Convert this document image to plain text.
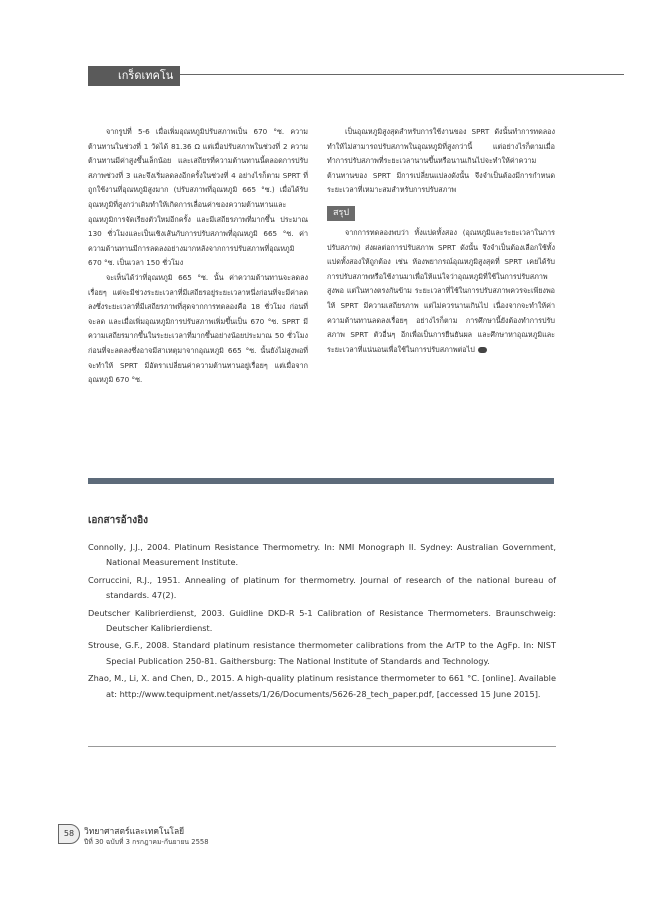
เกร็ดเทคโน

จากรูปที่ 5-6 เมื่อเพิ่มอุณหภูมิปรับสภาพเป็น 670 °ซ. ความต้านทานในช่วงที่ 1 วัดได้ 81.36 Ω แต่เมื่อปรับสภาพในช่วงที่ 2 ความต้านทานมีค่าสูงขึ้นเล็กน้อย และเสถียรที่ความต้านทานนี้ตลอดการปรับสภาพช่วงที่ 3 และจึงเริ่มลดลงอีกครั้งในช่วงที่ 4 อย่างไรก็ตาม SPRT ที่ถูกใช้งานที่อุณหภูมิสูงมาก (ปรับสภาพที่อุณหภูมิ 665 °ซ.) เมื่อได้รับอุณหภูมิที่สูงกว่าเดิมทำให้เกิดการเลื่อนค่าของความต้านทานและอุณหภูมิการจัดเรียงตัวใหม่อีกครั้ง และมีเสถียรภาพที่มากขึ้น ประมาณ 130 ชั่วโมงและเป็นเชิงเส้นกับการปรับสภาพที่อุณหภูมิ 665 °ซ. ค่าความต้านทานมีการลดลงอย่างมากหลังจากการปรับสภาพที่อุณหภูมิ 670 °ซ. เป็นเวลา 150 ชั่วโมง

จะเห็นได้ว่าที่อุณหภูมิ 665 °ซ. นั้น ค่าความต้านทานจะลดลงเรื่อยๆ แต่จะมีช่วงระยะเวลาที่มีเสถียรอยู่ระยะเวลาหนึ่งก่อนที่จะมีค่าลดลงซึ่งระยะเวลาที่มีเสถียรภาพที่สุดจากการทดลองคือ 18 ชั่วโมง ก่อนที่จะลด และเมื่อเพิ่มอุณหภูมิการปรับสภาพเพิ่มขึ้นเป็น 670 °ซ. SPRT มีความเสถียรมากขึ้นในระยะเวลาที่มากขึ้นอย่างน้อยประมาณ 50 ชั่วโมง ก่อนที่จะลดลงซึ่งอาจมีสาเหตุมาจากอุณหภูมิ 665 °ซ. นั้นยังไม่สูงพอที่จะทำให้ SPRT มีอัตราเปลี่ยนค่าความต้านทานอยู่เรื่อยๆ แต่เมื่อจากอุณหภูมิ 670 °ซ.

เป็นอุณหภูมิสูงสุดสำหรับการใช้งานของ SPRT ดังนั้นทำการทดลองทำให้ไม่สามารถปรับสภาพในอุณหภูมิที่สูงกว่านี้ แต่อย่างไรก็ตามเมื่อทำการปรับสภาพที่ระยะเวลานานขึ้นหรือนานเกินไปจะทำให้ค่าความต้านทานของ SPRT มีการเปลี่ยนแปลงดังนั้น จึงจำเป็นต้องมีการกำหนดระยะเวลาที่เหมาะสมสำหรับการปรับสภาพ

สรุป

จากการทดลองพบว่า ทั้งแปดทั้งสอง (อุณหภูมิและระยะเวลาในการปรับสภาพ) ส่งผลต่อการปรับสภาพ SPRT ดังนั้น จึงจำเป็นต้องเลือกใช้ทั้งแปดทั้งสองให้ถูกต้อง เช่น ห้องพยากรณ์อุณหภูมิสูงสุดที่ SPRT เคยได้รับ การปรับสภาพหรือใช้งานมาเพื่อให้แน่ใจว่าอุณหภูมิที่ใช้ในการปรับสภาพสูงพอ แต่ในทางตรงกันข้าม ระยะเวลาที่ใช้ในการปรับสภาพควรจะเพียงพอให้ SPRT มีความเสถียรภาพ แต่ไม่ควรนานเกินไป เนื่องจากจะทำให้ค่าความต้านทานลดลงเรื่อยๆ อย่างไรก็ตาม การศึกษานี้ยังต้องทำการปรับสภาพ SPRT ตัวอื่นๆ อีกเพื่อเป็นการยืนยันผล และศึกษาหาอุณหภูมิและระยะเวลาที่แน่นอนเพื่อใช้ในการปรับสภาพต่อไป

เอกสารอ้างอิง

Connolly, J.J., 2004. Platinum Resistance Thermometry. In: NMI Monograph II. Sydney: Australian Government, National Measurement Institute.

Corruccini, R.J., 1951. Annealing of platinum for thermometry. Journal of research of the national bureau of standards. 47(2).

Deutscher Kalibrierdienst, 2003. Guidline DKD-R 5-1 Calibration of Resistance Thermometers. Braunschweig: Deutscher Kalibrierdienst.

Strouse, G.F., 2008. Standard platinum resistance thermometer calibrations from the ArTP to the AgFp. In: NIST Special Publication 250-81. Gaithersburg: The National Institute of Standards and Technology.

Zhao, M., Li, X. and Chen, D., 2015. A high-quality platinum resistance thermometer to 661 °C. [online]. Available at: http://www.tequipment.net/assets/1/26/Documents/5626-28_tech_paper.pdf, [accessed 15 June 2015].

58	วิทยาศาสตร์และเทคโนโลยี
ปีที่ 30 ฉบับที่ 3 กรกฎาคม-กันยายน 2558
